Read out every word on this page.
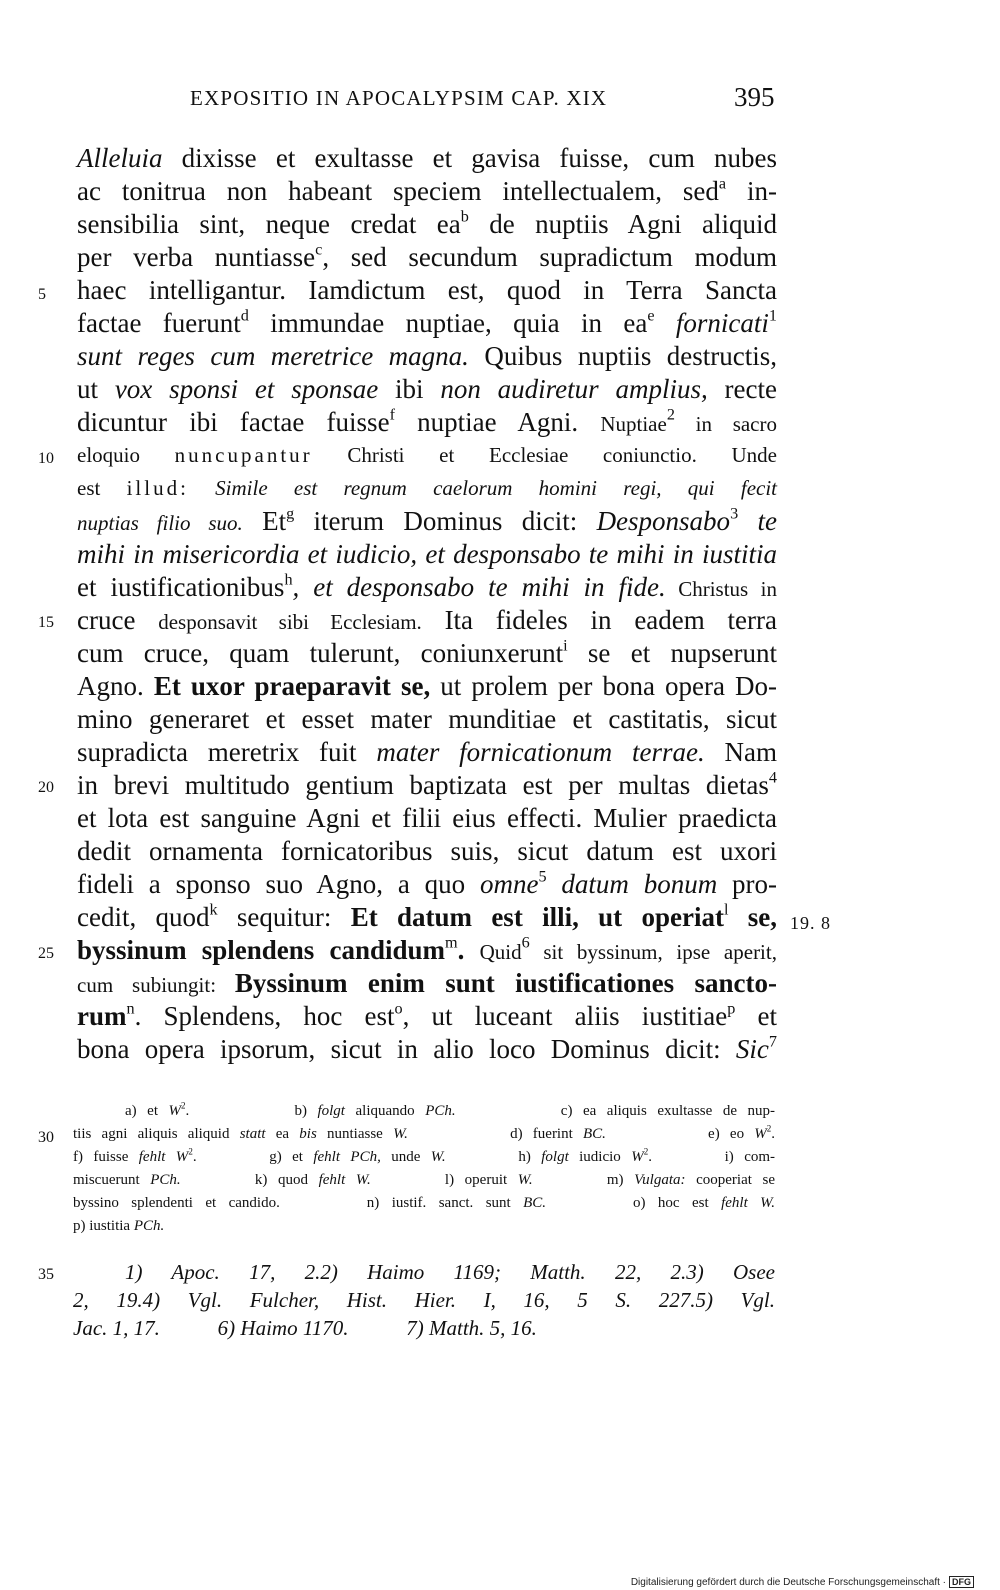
EXPOSITIO IN APOCALYPSIM CAP. XIX	395
5
10
15
20
25
30
35
19. 8
Alleluia dixisse et exultasse et gavisa fuisse, cum nubes
ac tonitrua non habeant speciem intellectualem, sed$^a$ in-
sensibilia sint, neque credat $ea^b$ de nuptiis Agni aliquid
per verba nuntiasse$^c$, sed secundum supradictum modum
haec intelligantur. Iamdictum est, quod in Terra Sancta
factae fuerunt$^d$ immundae nuptiae, quia in $ea^e$ fornicati$^1$
sunt reges cum meretrice magna. Quibus nuptiis destructis,
ut vox sponsi et sponsae ibi non audiretur amplius, recte
dicuntur ibi factae fuisse$^f$ nuptiae Agni. Nuptiae$^2$ in sacro
eloquio nuncupantur Christi et Ecclesiae coniunctio. Unde
est illud: Simile est regnum caelorum homini regi, qui fecit
nuptias filio suo. Et$^g$ iterum Dominus dicit: Desponsabo$^3$ te
mihi in misericordia et iudicio, et desponsabo te mihi in iustitia
et iustificationibus$^h$, et desponsabo te mihi in fide. Christus in
cruce desponsavit sibi Ecclesiam. Ita fideles in eadem terra
cum cruce, quam tulerunt, coniunxerunt$^i$ se et nupserunt
Agno. Et uxor praeparavit se, ut prolem per bona opera Do-
mino generaret et esset mater munditiae et castitatis, sicut
supradicta meretrix fuit mater fornicationum terrae. Nam
in brevi multitudo gentium baptizata est per multas dietas$^4$
et lota est sanguine Agni et filii eius effecti. Mulier praedicta
dedit ornamenta fornicatoribus suis, sicut datum est uxori
fideli a sponso suo Agno, a quo omne$^5$ datum bonum pro-
cedit, quod$^k$ sequitur: Et datum est illi, ut operiat$^l$ se,
byssinum splendens candidum$^m$. Quid$^6$ sit byssinum, ipse aperit,
cum subiungit: Byssinum enim sunt iustificationes sancto-
rum$^n$. Splendens, hoc est$^o$, ut luceant aliis iustitiae$^p$ et
bona opera ipsorum, sicut in alio loco Dominus dicit: Sic$^7$
a) et $W^2$.	b) folgt aliquando PCh.	c) ea aliquis exultasse de nup-
tiis agni aliquis aliquid statt ea bis nuntiasse W.	d) fuerint BC.	e) eo $W^2$.
f) fuisse fehlt $W^2$.	g) et fehlt PCh, unde W.	h) folgt iudicio $W^2$.	i) com-
miscuerunt PCh.	k) quod fehlt W.	l) operuit W.	m) Vulgata: cooperiat se
byssino splendenti et candido.	n) iustif. sanct. sunt BC.	o) hoc est fehlt W.
p) iustitia PCh.
1) Apoc. 17, 2.2) Haimo 1169; Matth. 22, 2.3) Osee
2, 19.4) Vgl. Fulcher, Hist. Hier. I, 16, 5 S. 227.5) Vgl.
Jac. 1, 17.	6) Haimo 1170.	7) Matth. 5, 16.
Digitalisierung gefördert durch die Deutsche Forschungsgemeinschaft · DFG
